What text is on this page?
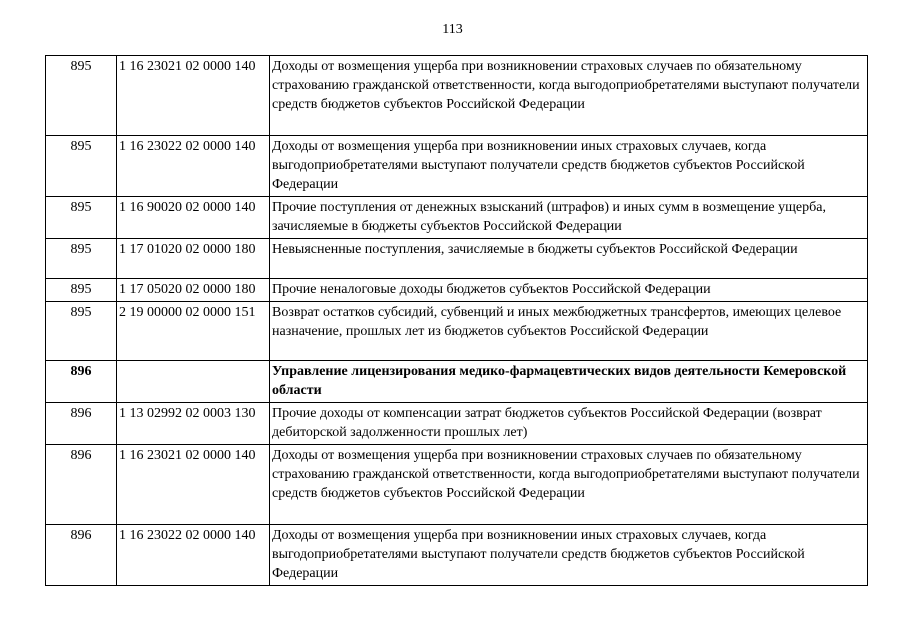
113
895	1 16 23021 02 0000 140	Доходы от возмещения ущерба при возникновении страховых случаев по обязательному страхованию гражданской ответственности, когда выгодоприобретателями выступают получатели средств бюджетов субъектов Российской Федерации
895	1 16 23022 02 0000 140	Доходы от возмещения ущерба при возникновении иных страховых случаев, когда выгодоприобретателями выступают получатели средств бюджетов субъектов Российской Федерации
895	1 16 90020 02 0000 140	Прочие поступления от денежных взысканий (штрафов) и иных сумм в возмещение ущерба, зачисляемые в бюджеты субъектов Российской Федерации
895	1 17 01020 02 0000 180	Невыясненные поступления, зачисляемые в бюджеты субъектов Российской Федерации
895	1 17 05020 02 0000 180	Прочие неналоговые доходы бюджетов субъектов Российской Федерации
895	2 19 00000 02 0000 151	Возврат остатков субсидий, субвенций и иных межбюджетных трансфертов, имеющих целевое назначение, прошлых лет из бюджетов субъектов Российской Федерации
896		Управление лицензирования медико-фармацевтических видов деятельности Кемеровской области
896	1 13 02992 02 0003 130	Прочие доходы от компенсации затрат бюджетов субъектов Российской Федерации (возврат дебиторской задолженности прошлых лет)
896	1 16 23021 02 0000 140	Доходы от возмещения ущерба при возникновении страховых случаев по обязательному страхованию гражданской ответственности, когда выгодоприобретателями выступают получатели средств бюджетов субъектов Российской Федерации
896	1 16 23022 02 0000 140	Доходы от возмещения ущерба при возникновении иных страховых случаев, когда выгодоприобретателями выступают получатели средств бюджетов субъектов Российской Федерации
